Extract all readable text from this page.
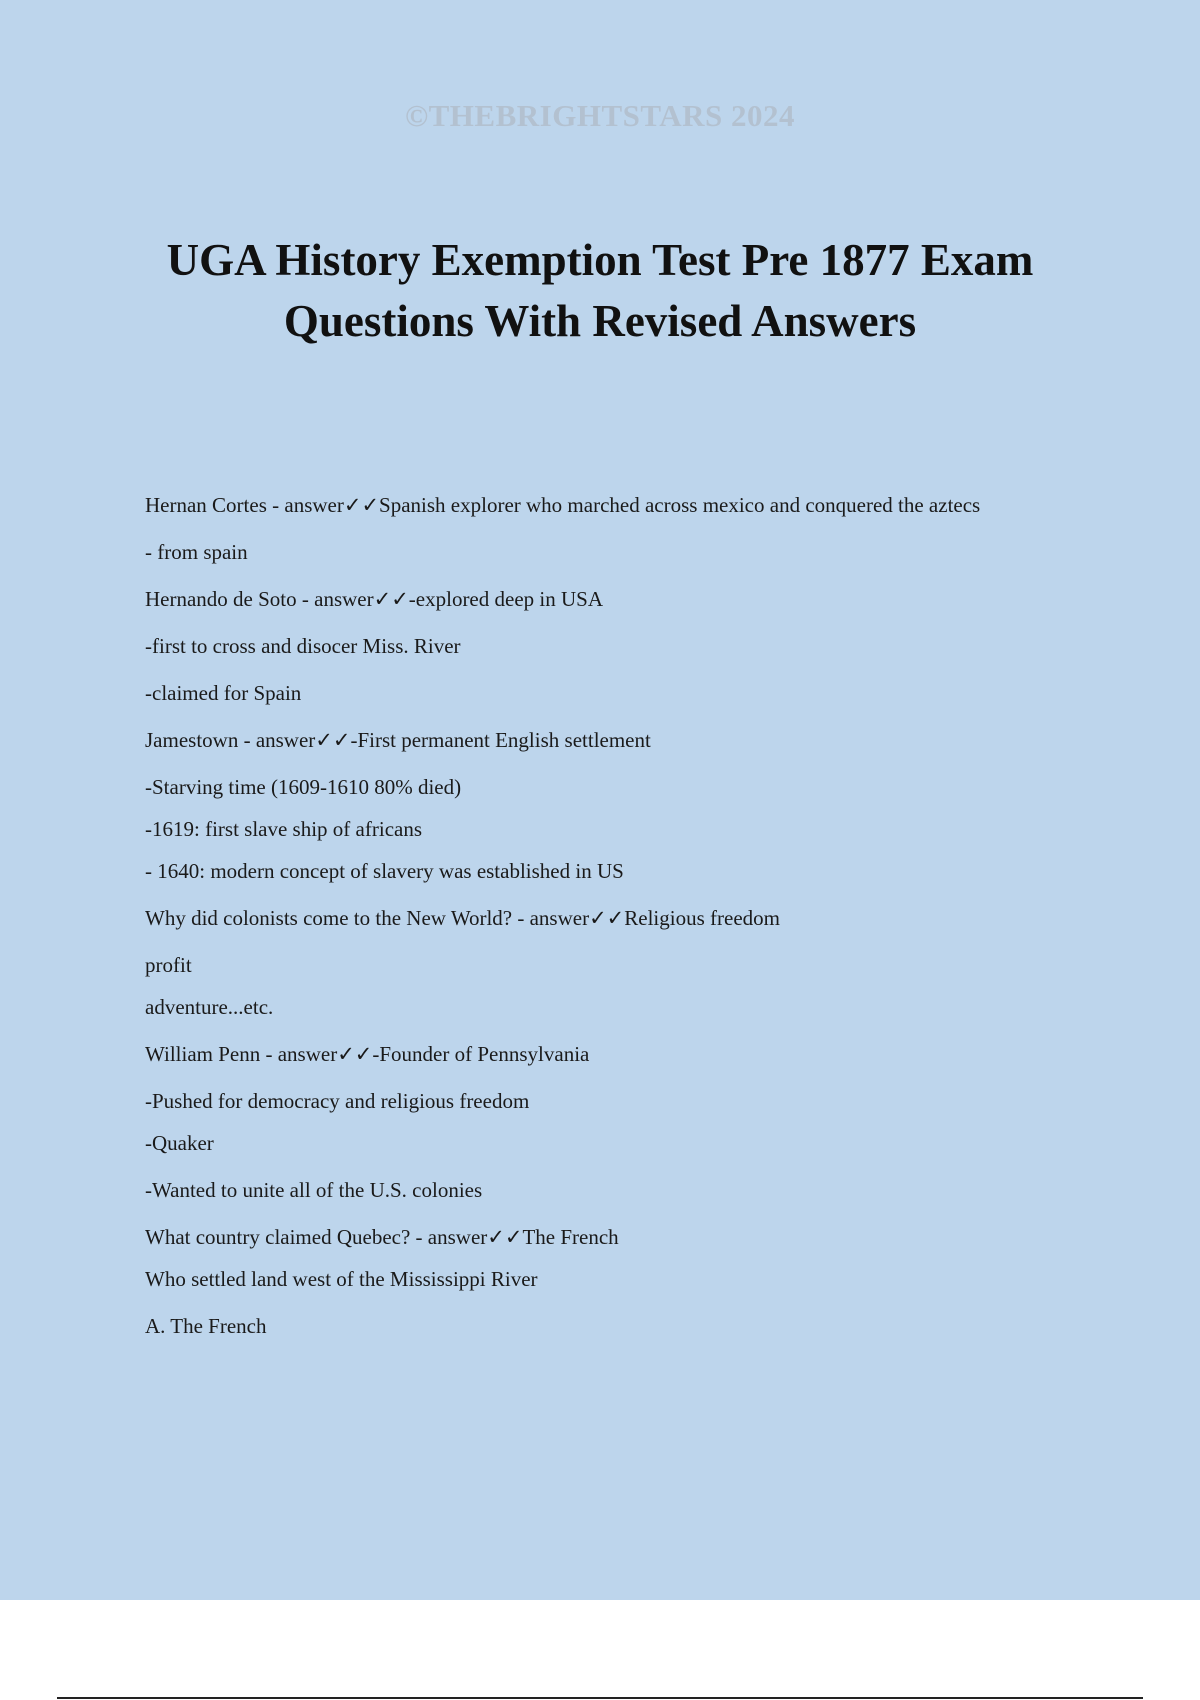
©THEBRIGHTSTARS 2024
UGA History Exemption Test Pre 1877 Exam Questions With Revised Answers

Hernan Cortes - answer✓✓Spanish explorer who marched across mexico and conquered the aztecs

- from spain

Hernando de Soto - answer✓✓-explored deep in USA

-first to cross and disocer Miss. River

-claimed for Spain

Jamestown - answer✓✓-First permanent English settlement

-Starving time (1609-1610 80% died)

-1619: first slave ship of africans

- 1640: modern concept of slavery was established in US

Why did colonists come to the New World? - answer✓✓Religious freedom

profit

adventure...etc.

William Penn - answer✓✓-Founder of Pennsylvania

-Pushed for democracy and religious freedom

-Quaker

-Wanted to unite all of the U.S. colonies

What country claimed Quebec? - answer✓✓The French

Who settled land west of the Mississippi River

A. The French
